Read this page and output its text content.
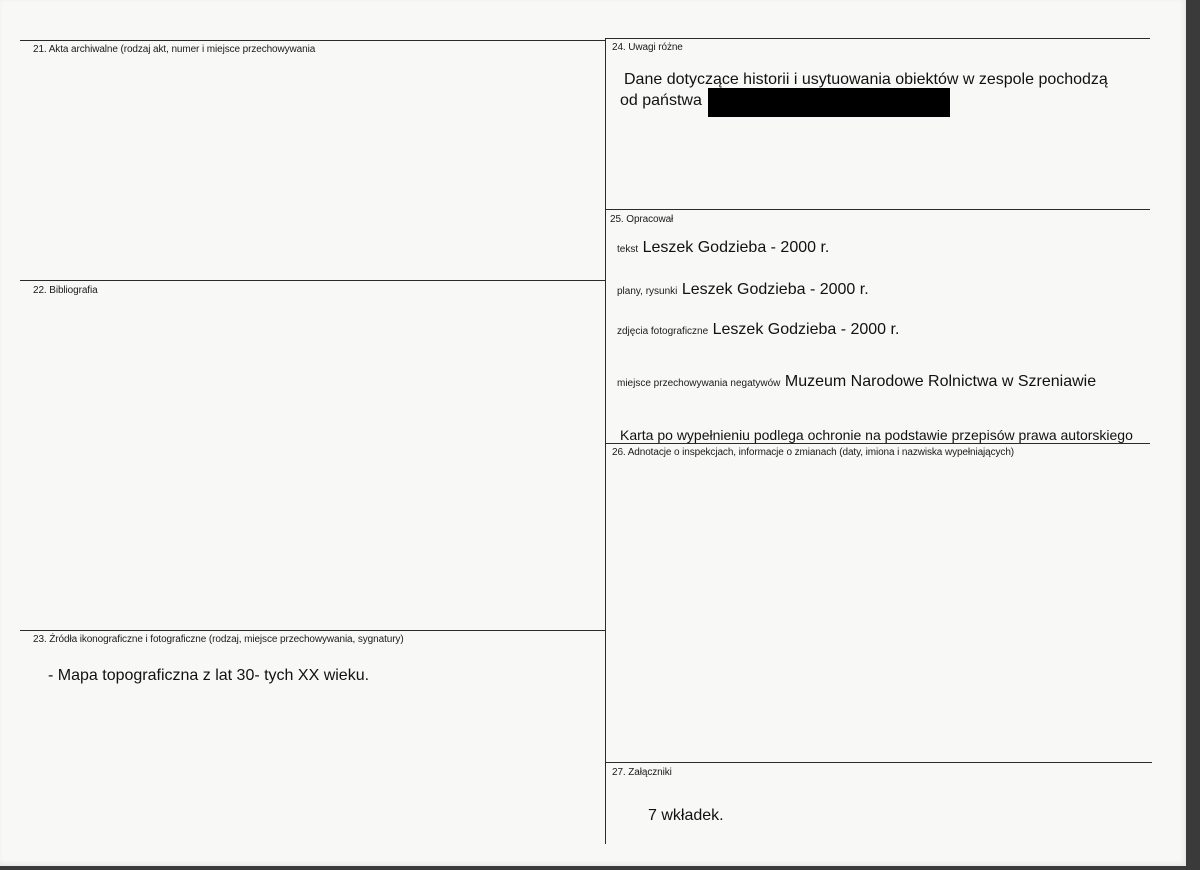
21. Akta archiwalne (rodzaj akt, numer i miejsce przechowywania
22. Bibliografia
23. Źródła ikonograficzne i fotograficzne (rodzaj, miejsce przechowywania, sygnatury)
- Mapa topograficzna z lat 30- tych XX wieku.
24. Uwagi różne
Dane dotyczące historii i usytuowania obiektów w zespole pochodzą
od państwa
25. Opracował
tekst Leszek Godzieba - 2000 r.
plany, rysunki Leszek Godzieba - 2000 r.
zdjęcia fotograficzne Leszek Godzieba - 2000 r.
miejsce przechowywania negatywów Muzeum Narodowe Rolnictwa w Szreniawie
Karta po wypełnieniu podlega ochronie na podstawie przepisów prawa autorskiego
26. Adnotacje o inspekcjach, informacje o zmianach (daty, imiona i nazwiska wypełniających)
27. Załączniki
7 wkładek.
